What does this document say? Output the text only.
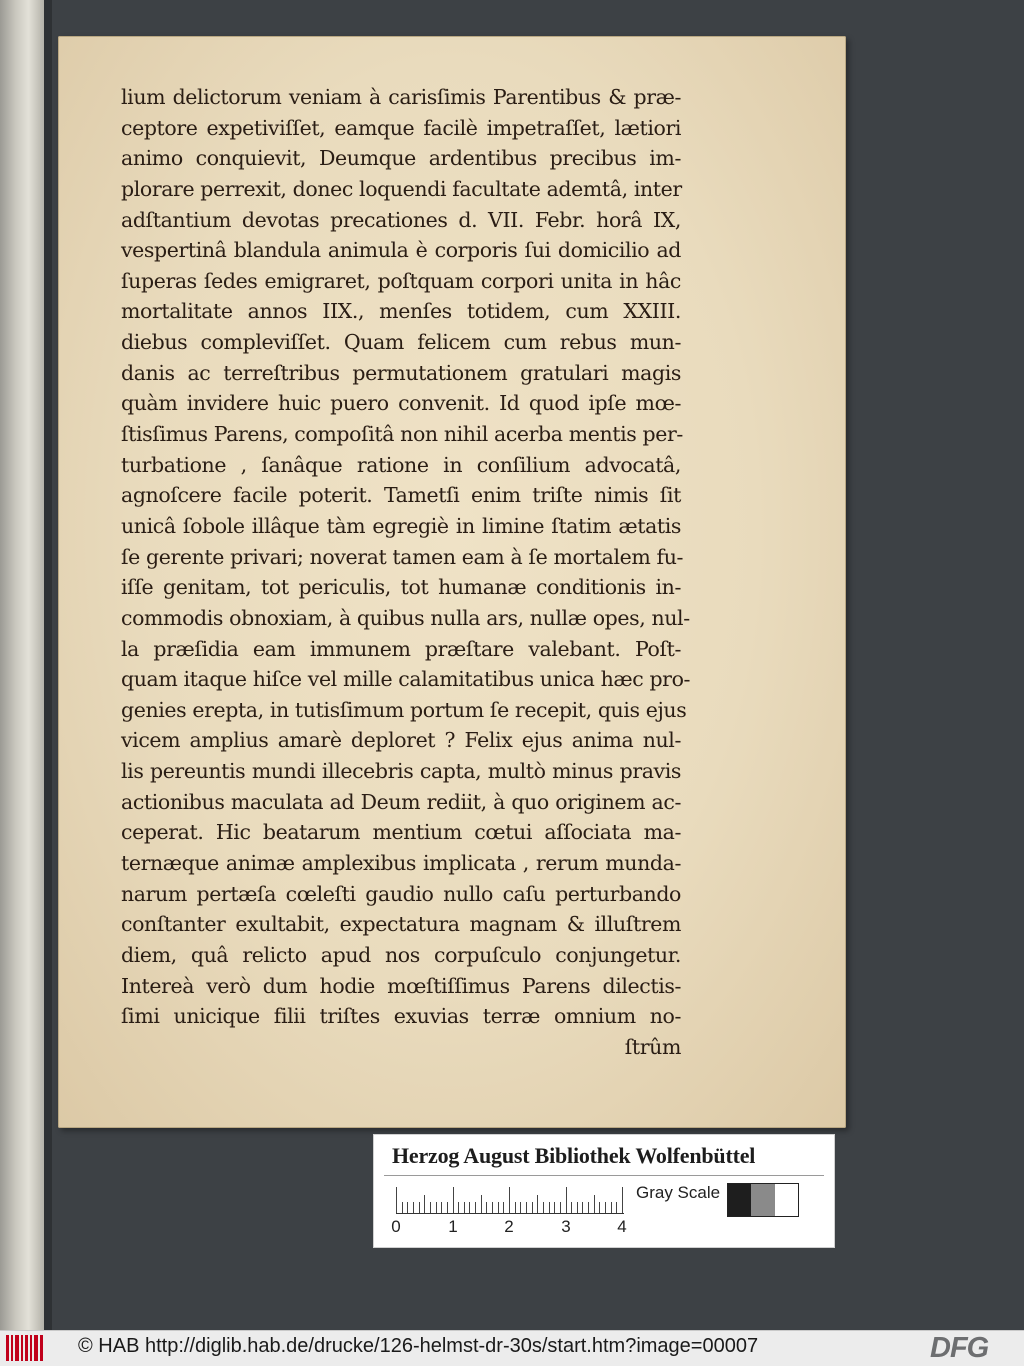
lium delictorum veniam à carisſimis Parentibus & præ-
ceptore expetiviſſet, eamque facilè impetraſſet, lætiori
animo conquievit, Deumque ardentibus precibus im-
plorare perrexit, donec loquendi facultate ademtâ, inter
adſtantium devotas precationes d. VII. Febr. horâ IX,
vespertinâ blandula animula è corporis ſui domicilio ad
ſuperas ſedes emigraret, poſtquam corpori unita in hâc
mortalitate annos IIX., menſes totidem, cum XXIII.
diebus compleviſſet. Quam felicem cum rebus mun-
danis ac terreſtribus permutationem gratulari magis
quàm invidere huic puero convenit. Id quod ipſe mœ-
ſtisſimus Parens, compoſitâ non nihil acerba mentis per-
turbatione , ſanâque ratione in conſilium advocatâ,
agnoſcere facile poterit. Tametſi enim triſte nimis ſit
unicâ ſobole illâque tàm egregiè in limine ſtatim ætatis
ſe gerente privari; noverat tamen eam à ſe mortalem fu-
iſſe genitam, tot periculis, tot humanæ conditionis in-
commodis obnoxiam, à quibus nulla ars, nullæ opes, nul-
la præſidia eam immunem præſtare valebant. Poſt-
quam itaque hiſce vel mille calamitatibus unica hæc pro-
genies erepta, in tutisſimum portum ſe recepit, quis ejus
vicem amplius amarè deploret ? Felix ejus anima nul-
lis pereuntis mundi illecebris capta, multò minus pravis
actionibus maculata ad Deum rediit, à quo originem ac-
ceperat. Hic beatarum mentium cœtui aſſociata ma-
ternæque animæ amplexibus implicata , rerum munda-
narum pertæſa cœleſti gaudio nullo caſu perturbando
conſtanter exultabit, expectatura magnam & illuſtrem
diem, quâ relicto apud nos corpuſculo conjungetur.
Intereà verò dum hodie mœſtiſſimus Parens dilectis-
ſimi unicique filii triſtes exuvias terræ omnium no-
ſtrûm
Herzog August Bibliothek Wolfenbüttel
0	1	2	3	4
Gray Scale
© HAB http://diglib.hab.de/drucke/126-helmst-dr-30s/start.htm?image=00007	DFG
